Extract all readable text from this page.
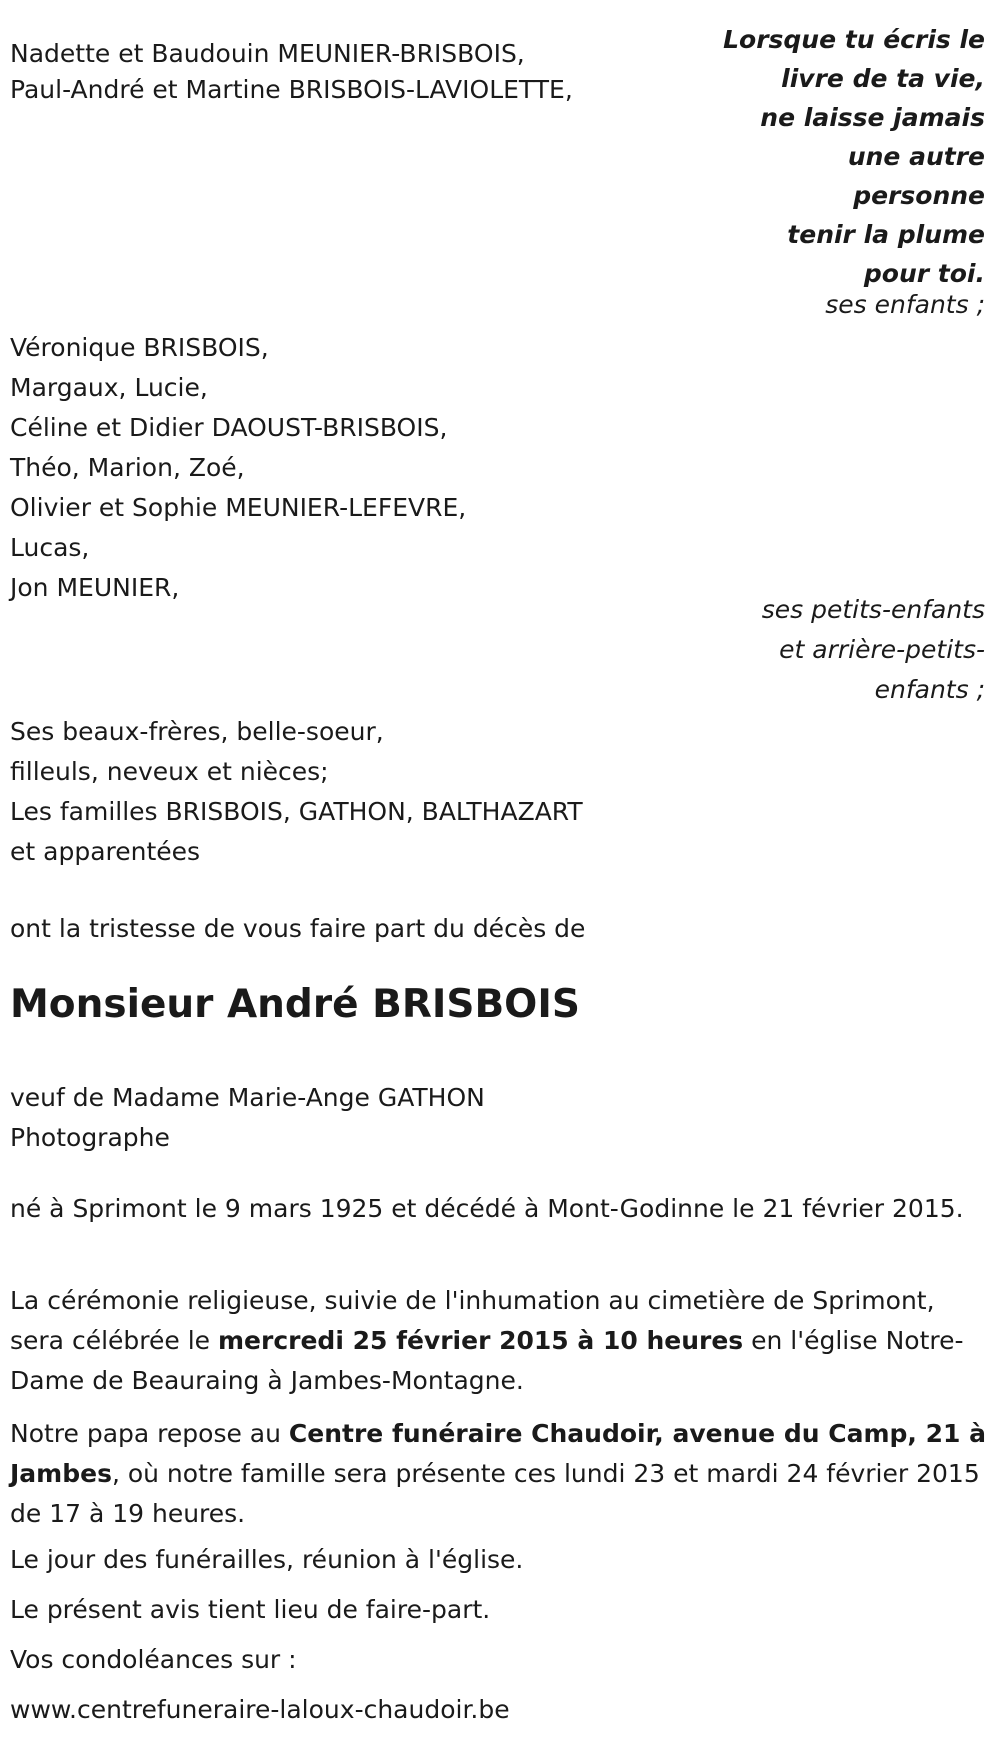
Nadette et Baudouin MEUNIER-BRISBOIS,
Paul-André et Martine BRISBOIS-LAVIOLETTE,
Lorsque tu écris le
livre de ta vie,
ne laisse jamais
une autre
personne
tenir la plume
pour toi.
ses enfants ;
Véronique BRISBOIS,
Margaux, Lucie,
Céline et Didier DAOUST-BRISBOIS,
Théo, Marion, Zoé,
Olivier et Sophie MEUNIER-LEFEVRE,
Lucas,
Jon MEUNIER,
ses petits-enfants
et arrière-petits-
enfants ;
Ses beaux-frères, belle-soeur,
filleuls, neveux et nièces;
Les familles BRISBOIS, GATHON, BALTHAZART
et apparentées
ont la tristesse de vous faire part du décès de
Monsieur André BRISBOIS
veuf de Madame Marie-Ange GATHON
Photographe
né à Sprimont le 9 mars 1925 et décédé à Mont-Godinne le 21 février 2015.
La cérémonie religieuse, suivie de l'inhumation au cimetière de Sprimont, sera célébrée le mercredi 25 février 2015 à 10 heures en l'église Notre-Dame de Beauraing à Jambes-Montagne.
Notre papa repose au Centre funéraire Chaudoir, avenue du Camp, 21 à Jambes, où notre famille sera présente ces lundi 23 et mardi 24 février 2015 de 17 à 19 heures.
Le jour des funérailles, réunion à l'église.
Le présent avis tient lieu de faire-part.
Vos condoléances sur :
www.centrefuneraire-laloux-chaudoir.be
